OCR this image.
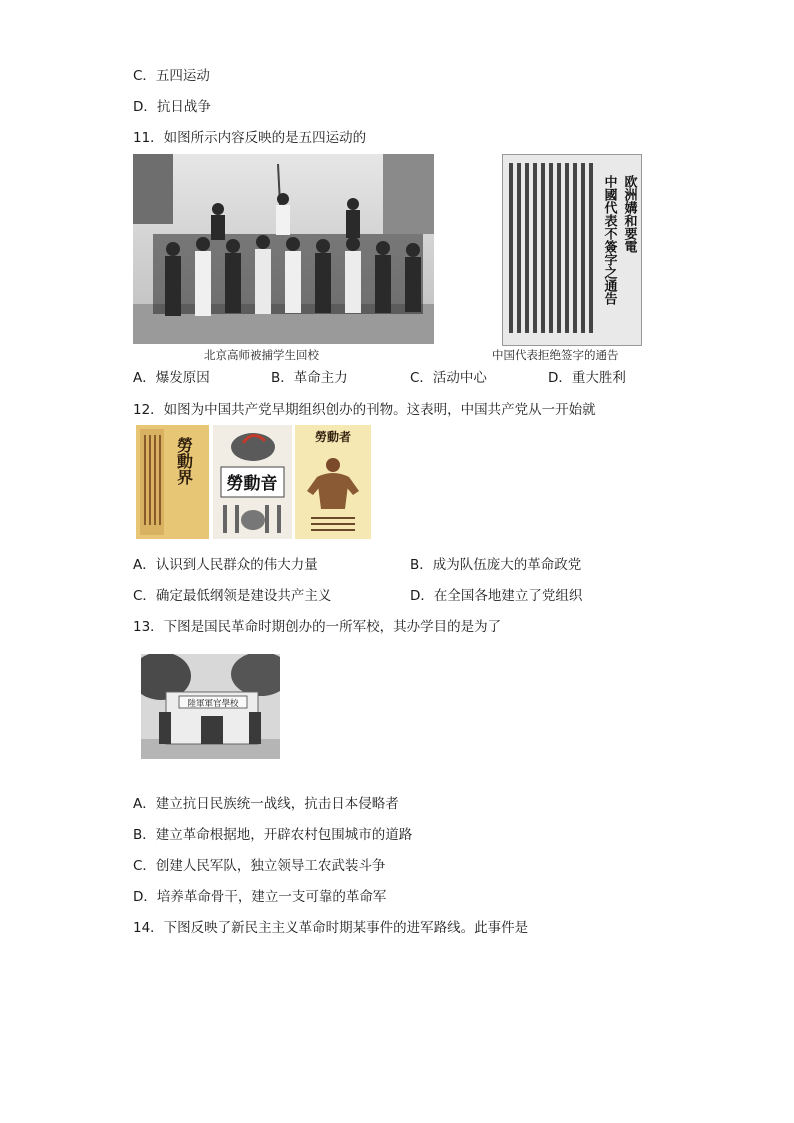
C．五四运动
D．抗日战争
11．如图所示内容反映的是五四运动的
中國代表不簽字之通告 欧洲媾和要電
北京高师被捕学生回校	中国代表拒绝签字的通告
A．爆发原因	B．革命主力	C．活动中心	D．重大胜利
12．如图为中国共产党早期组织创办的刊物。这表明，中国共产党从一开始就
勞動界 勞動音
勞動者
A．认识到人民群众的伟大力量	B．成为队伍庞大的革命政党
C．确定最低纲领是建设共产主义	D．在全国各地建立了党组织
13．下图是国民革命时期创办的一所军校，其办学目的是为了
陸軍軍官學校
A．建立抗日民族统一战线，抗击日本侵略者
B．建立革命根据地，开辟农村包围城市的道路
C．创建人民军队，独立领导工农武装斗争
D．培养革命骨干，建立一支可靠的革命军
14．下图反映了新民主主义革命时期某事件的进军路线。此事件是
